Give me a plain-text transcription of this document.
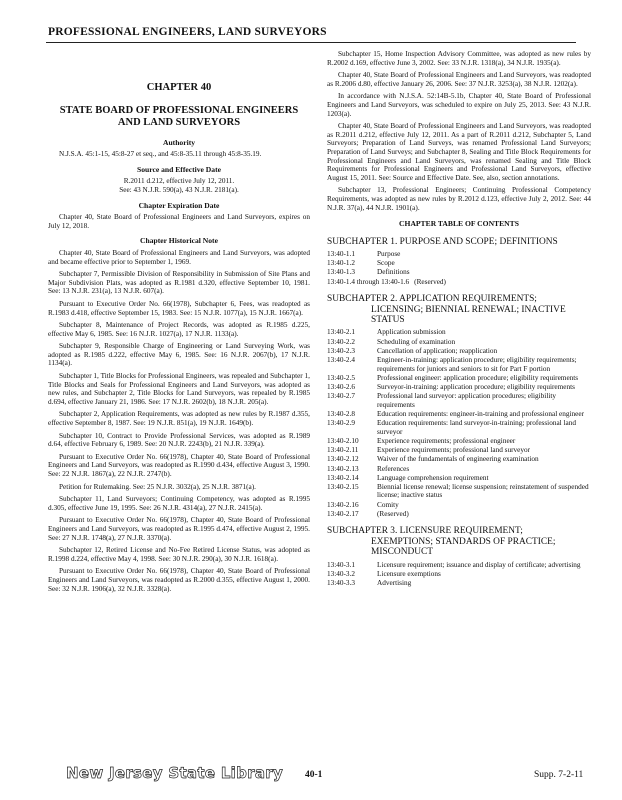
PROFESSIONAL ENGINEERS, LAND SURVEYORS
CHAPTER 40
STATE BOARD OF PROFESSIONAL ENGINEERS
AND LAND SURVEYORS
Authority

N.J.S.A. 45:1-15, 45:8-27 et seq., and 45:8-35.11 through 45:8-35.19.

Source and Effective Date
R.2011 d.212, effective July 12, 2011.
See: 43 N.J.R. 590(a), 43 N.J.R. 2181(a).
Chapter Expiration Date

Chapter 40, State Board of Professional Engineers and Land Surveyors, expires on July 12, 2018.

Chapter Historical Note

Chapter 40, State Board of Professional Engineers and Land Surveyors, was adopted and became effective prior to September 1, 1969.

Subchapter 7, Permissible Division of Responsibility in Submission of Site Plans and Major Subdivision Plats, was adopted as R.1981 d.320, effective September 10, 1981. See: 13 N.J.R. 231(a), 13 N.J.R. 607(a).

Pursuant to Executive Order No. 66(1978), Subchapter 6, Fees, was readopted as R.1983 d.418, effective September 15, 1983. See: 15 N.J.R. 1077(a), 15 N.J.R. 1667(a).

Subchapter 8, Maintenance of Project Records, was adopted as R.1985 d.225, effective May 6, 1985. See: 16 N.J.R. 1027(a), 17 N.J.R. 1133(a).

Subchapter 9, Responsible Charge of Engineering or Land Surveying Work, was adopted as R.1985 d.222, effective May 6, 1985. See: 16 N.J.R. 2067(b), 17 N.J.R. 1134(a).

Subchapter 1, Title Blocks for Professional Engineers, was repealed and Subchapter 1, Title Blocks and Seals for Professional Engineers and Land Surveyors, was adopted as new rules, and Subchapter 2, Title Blocks for Land Surveyors, was repealed by R.1985 d.694, effective January 21, 1986. See: 17 N.J.R. 2602(b), 18 N.J.R. 205(a).

Subchapter 2, Application Requirements, was adopted as new rules by R.1987 d.355, effective September 8, 1987. See: 19 N.J.R. 851(a), 19 N.J.R. 1649(b).

Subchapter 10, Contract to Provide Professional Services, was adopted as R.1989 d.64, effective February 6, 1989. See: 20 N.J.R. 2243(b), 21 N.J.R. 339(a).

Pursuant to Executive Order No. 66(1978), Chapter 40, State Board of Professional Engineers and Land Surveyors, was readopted as R.1990 d.434, effective August 3, 1990. See: 22 N.J.R. 1867(a), 22 N.J.R. 2747(b).

Petition for Rulemaking. See: 25 N.J.R. 3032(a), 25 N.J.R. 3871(a).

Subchapter 11, Land Surveyors; Continuing Competency, was adopted as R.1995 d.305, effective June 19, 1995. See: 26 N.J.R. 4314(a), 27 N.J.R. 2415(a).

Pursuant to Executive Order No. 66(1978), Chapter 40, State Board of Professional Engineers and Land Surveyors, was readopted as R.1995 d.474, effective August 2, 1995. See: 27 N.J.R. 1748(a), 27 N.J.R. 3370(a).

Subchapter 12, Retired License and No-Fee Retired License Status, was adopted as R.1998 d.224, effective May 4, 1998. See: 30 N.J.R. 290(a), 30 N.J.R. 1618(a).

Pursuant to Executive Order No. 66(1978), Chapter 40, State Board of Professional Engineers and Land Surveyors, was readopted as R.2000 d.355, effective August 1, 2000. See: 32 N.J.R. 1906(a), 32 N.J.R. 3328(a).

Subchapter 15, Home Inspection Advisory Committee, was adopted as new rules by R.2002 d.169, effective June 3, 2002. See: 33 N.J.R. 1318(a), 34 N.J.R. 1935(a).

Chapter 40, State Board of Professional Engineers and Land Surveyors, was readopted as R.2006 d.80, effective January 26, 2006. See: 37 N.J.R. 3253(a), 38 N.J.R. 1202(a).

In accordance with N.J.S.A. 52:14B-5.1b, Chapter 40, State Board of Professional Engineers and Land Surveyors, was scheduled to expire on July 25, 2013. See: 43 N.J.R. 1203(a).

Chapter 40, State Board of Professional Engineers and Land Surveyors, was readopted as R.2011 d.212, effective July 12, 2011. As a part of R.2011 d.212, Subchapter 5, Land Surveyors; Preparation of Land Surveys, was renamed Professional Land Surveyors; Preparation of Land Surveys; and Subchapter 8, Sealing and Title Block Requirements for Professional Engineers and Land Surveyors, was renamed Sealing and Title Block Requirements for Professional Engineers and Professional Land Surveyors, effective August 15, 2011. See: Source and Effective Date. See, also, section annotations.

Subchapter 13, Professional Engineers; Continuing Professional Competency Requirements, was adopted as new rules by R.2012 d.123, effective July 2, 2012. See: 44 N.J.R. 37(a), 44 N.J.R. 1901(a).

CHAPTER TABLE OF CONTENTS
SUBCHAPTER 1. PURPOSE AND SCOPE; DEFINITIONS
13:40-1.1	Purpose
13:40-1.2	Scope
13:40-1.3	Definitions
13:40-1.4 through 13:40-1.6 (Reserved)
SUBCHAPTER 2. APPLICATION REQUIREMENTS;
LICENSING; BIENNIAL RENEWAL; INACTIVE
STATUS
13:40-2.1	Application submission
13:40-2.2	Scheduling of examination
13:40-2.3	Cancellation of application; reapplication
13:40-2.4	Engineer-in-training: application procedure; eligibility requirements; requirements for juniors and seniors to sit for Part F portion
13:40-2.5	Professional engineer: application procedure; eligibility requirements
13:40-2.6	Surveyor-in-training: application procedure; eligibility requirements
13:40-2.7	Professional land surveyor: application procedures; eligibility requirements
13:40-2.8	Education requirements: engineer-in-training and professional engineer
13:40-2.9	Education requirements: land surveyor-in-training; professional land surveyor
13:40-2.10	Experience requirements; professional engineer
13:40-2.11	Experience requirements; professional land surveyor
13:40-2.12	Waiver of the fundamentals of engineering examination
13:40-2.13	References
13:40-2.14	Language comprehension requirement
13:40-2.15	Biennial license renewal; license suspension; reinstatement of suspended license; inactive status
13:40-2.16	Comity
13:40-2.17	(Reserved)
SUBCHAPTER 3. LICENSURE REQUIREMENT;
EXEMPTIONS; STANDARDS OF PRACTICE;
MISCONDUCT
13:40-3.1	Licensure requirement; issuance and display of certificate; advertising
13:40-3.2	Licensure exemptions
13:40-3.3	Advertising
New Jersey State Library 40-1	Supp. 7-2-11
